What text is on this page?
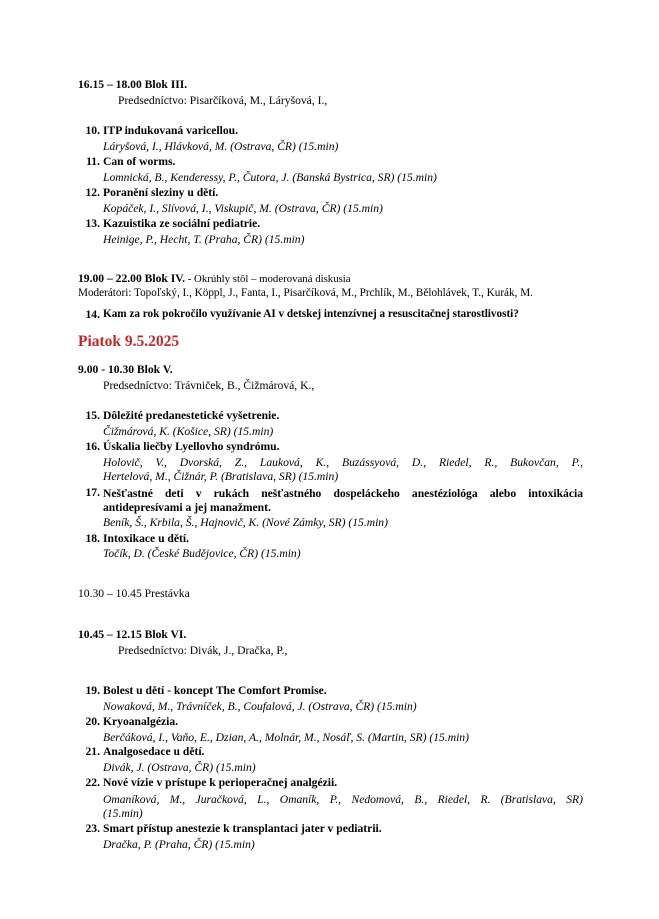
16.15 – 18.00 Blok III.
Predsedníctvo: Pisarčíková, M., Láryšová, I.,
10. ITP indukovaná varicellou.
Láryšová, I., Hlávková, M. (Ostrava, ČR) (15.min)
11. Can of worms.
Lomnická, B., Kenderessy, P., Čutora, J. (Banská Bystrica, SR) (15.min)
12. Poranění sleziny u dětí.
Kopáček, I., Slívová, I., Viskupič, M. (Ostrava, ČR) (15.min)
13. Kazuistika ze sociální pediatrie.
Heinige, P., Hecht, T. (Praha, ČR) (15.min)
19.00 – 22.00 Blok IV. - Okrúhly stôl – moderovaná diskusia
Moderátori: Topoľský, I., Köppl, J., Fanta, I., Pisarčíková, M., Prchlík, M., Bělohlávek, T., Kurák, M.
14. Kam za rok pokročilo využívanie AI v detskej intenzívnej a resuscitačnej starostlivosti?
Piatok 9.5.2025
9.00 - 10.30 Blok V.
Predsedníctvo: Trávniček, B., Čižmárová, K.,
15. Dôležité predanestetické vyšetrenie.
Čižmárová, K. (Košice, SR) (15.min)
16. Úskalia liečby Lyellovho syndrómu.
Holovič, V., Dvorská, Z., Lauková, K., Buzássyová, D., Riedel, R., Bukovčan, P.,
Hertelová, M., Čižnár, P. (Bratislava, SR) (15.min)
17. Nešťastné deti v rukách nešťastného dospeláckeho anestéziológa alebo intoxikácia
antidepresívami a jej manažment.
Beník, Š., Krbila, Š., Hajnovič, K. (Nové Zámky, SR) (15.min)
18. Intoxikace u dětí.
Točík, D. (České Budějovice, ČR) (15.min)
10.30 – 10.45 Prestávka
10.45 – 12.15 Blok VI.
Predsedníctvo: Divák, J., Dračka, P.,
19. Bolest u dětí - koncept The Comfort Promise.
Nowaková, M., Trávníček, B., Coufalová, J. (Ostrava, ČR) (15.min)
20. Kryoanalgézia.
Berčáková, I., Vaňo, E., Dzian, A., Molnár, M., Nosáľ, S. (Martin, SR) (15.min)
21. Analgosedace u dětí.
Divák, J. (Ostrava, ČR) (15.min)
22. Nové vízie v prístupe k perioperačnej analgézii.
Omaníková, M., Juračková, L., Omaník, P., Nedomová, B., Riedel, R. (Bratislava, SR)
(15.min)
23. Smart přístup anestezie k transplantaci jater v pediatrii.
Dračka, P. (Praha, ČR) (15.min)
